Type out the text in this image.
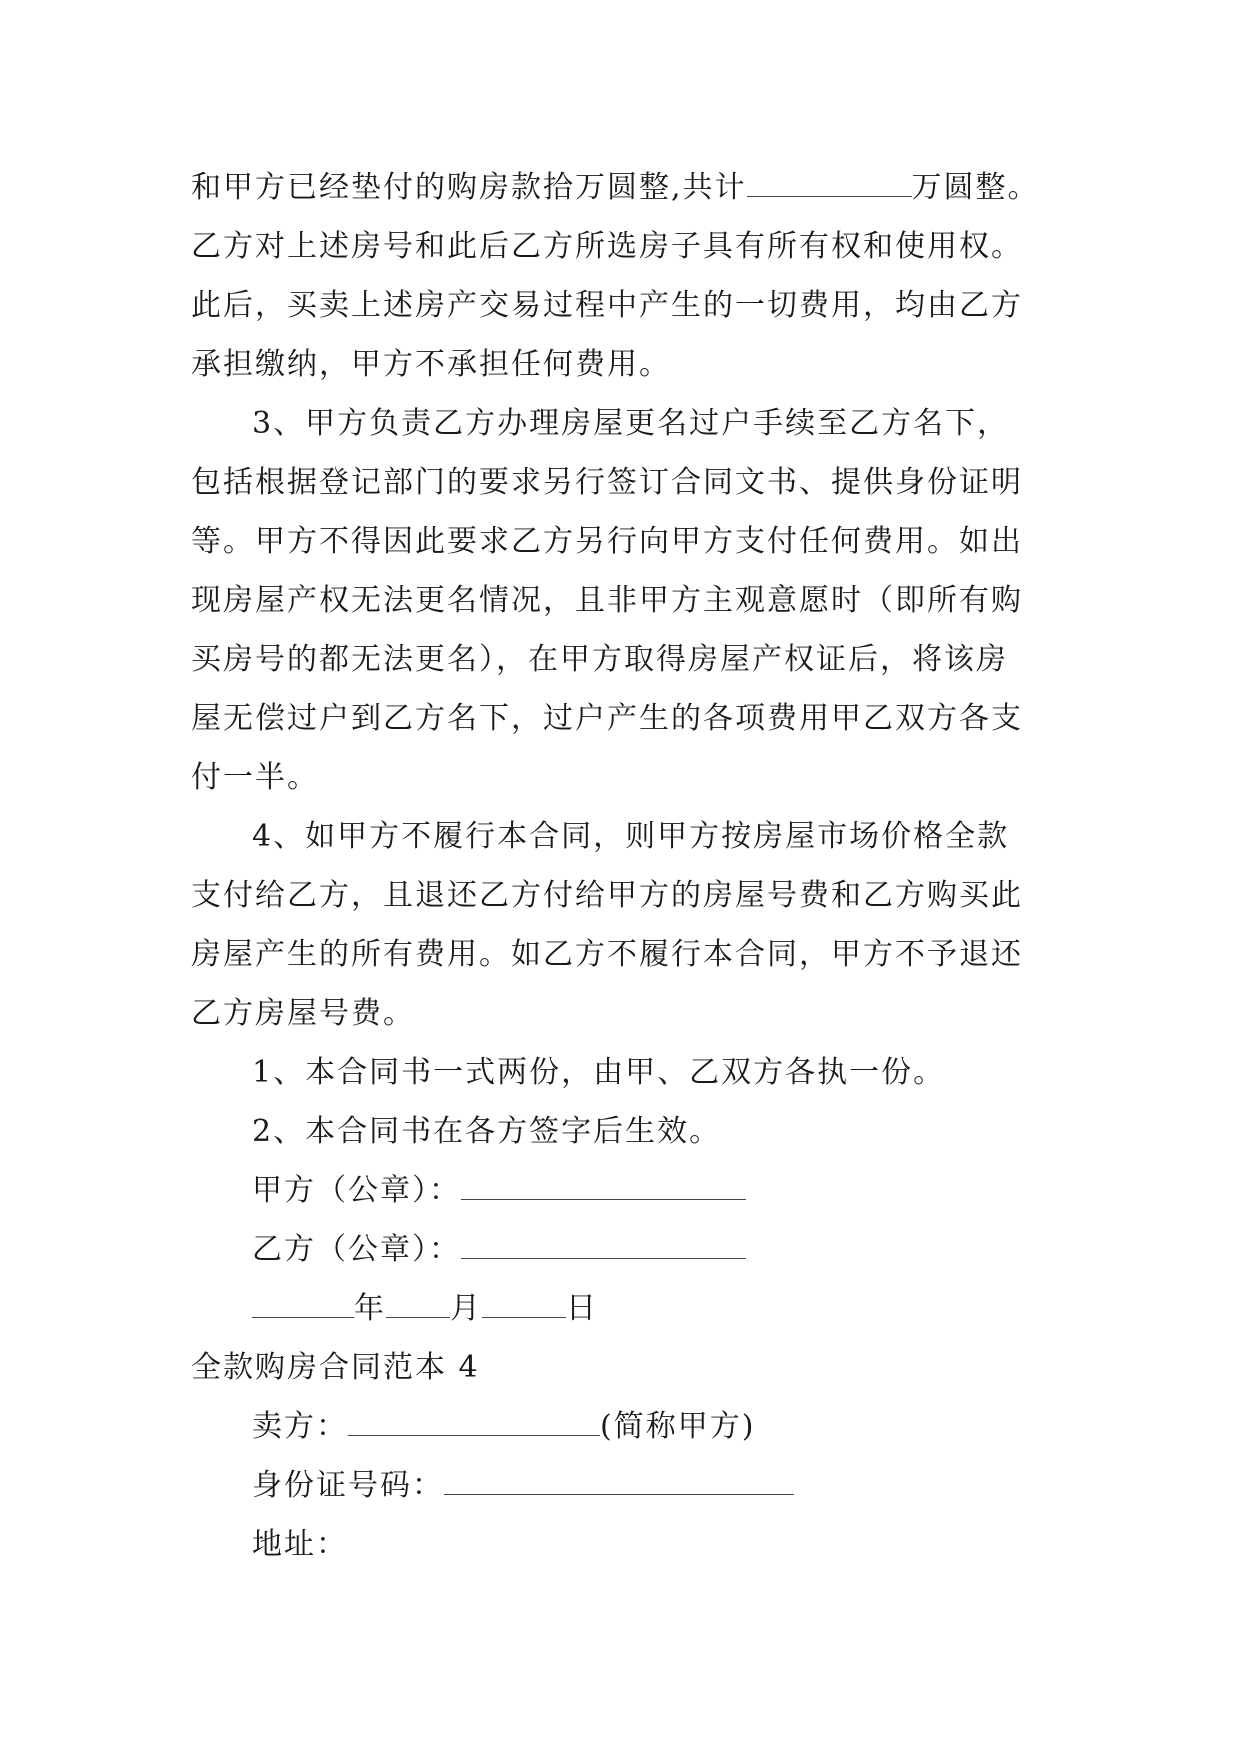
和甲方已经垫付的购房款拾万圆整,共计	万圆整。
乙方对上述房号和此后乙方所选房子具有所有权和使用权。
此后，买卖上述房产交易过程中产生的一切费用，均由乙方
承担缴纳，甲方不承担任何费用。
3、甲方负责乙方办理房屋更名过户手续至乙方名下，
包括根据登记部门的要求另行签订合同文书、提供身份证明
等。甲方不得因此要求乙方另行向甲方支付任何费用。如出
现房屋产权无法更名情况，且非甲方主观意愿时（即所有购
买房号的都无法更名），在甲方取得房屋产权证后，将该房
屋无偿过户到乙方名下，过户产生的各项费用甲乙双方各支
付一半。
4、如甲方不履行本合同，则甲方按房屋市场价格全款
支付给乙方，且退还乙方付给甲方的房屋号费和乙方购买此
房屋产生的所有费用。如乙方不履行本合同，甲方不予退还
乙方房屋号费。
1、本合同书一式两份，由甲、乙双方各执一份。
2、本合同书在各方签字后生效。
甲方（公章）：
乙方（公章）：
年 月	日
全款购房合同范本 4
卖方：	(简称甲方)
身份证号码：
地址：
